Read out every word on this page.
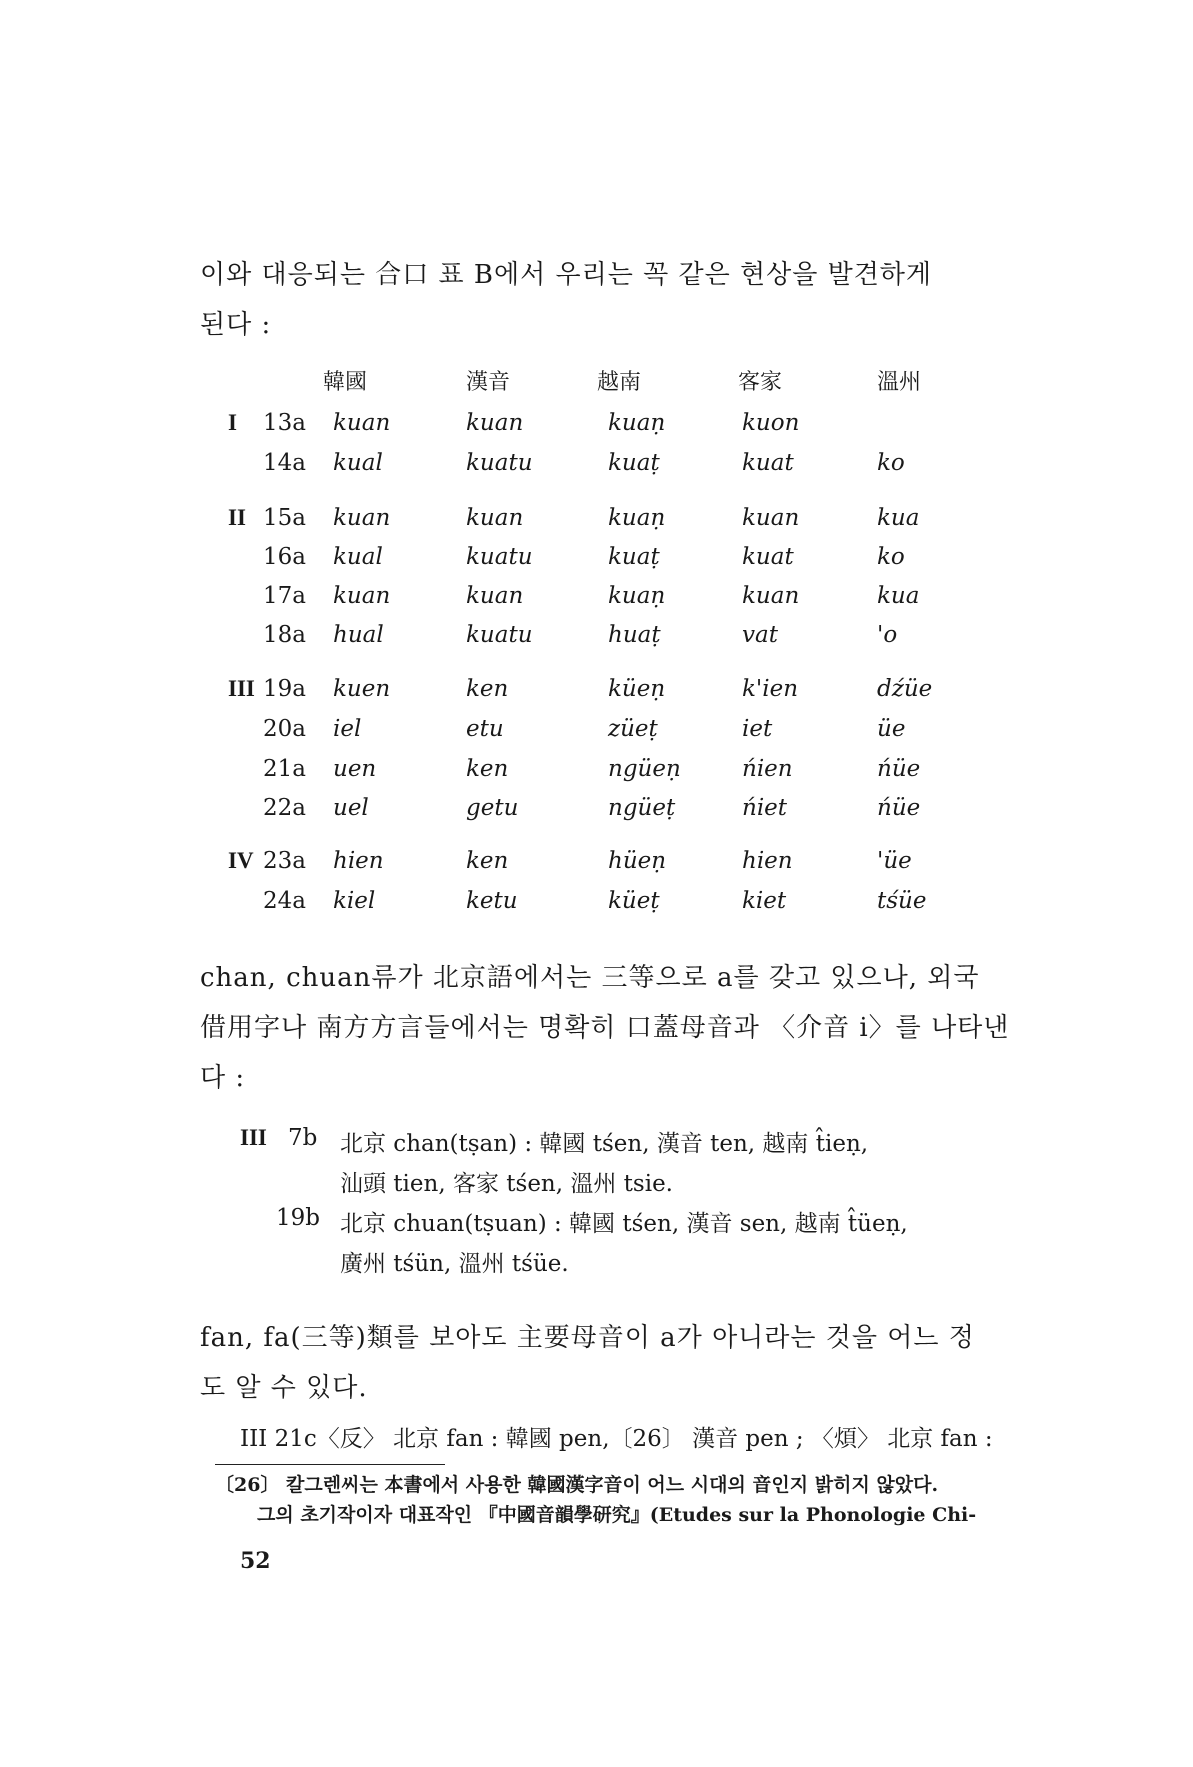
이와 대응되는 合口 표 B에서 우리는 꼭 같은 현상을 발견하게
된다 :
韓國	漢音	越南	客家	溫州
I 13a kuan	kuan	kuaṇ	kuon
14a kual	kuatu	kuaṭ	kuat	ko
II 15a kuan	kuan	kuaṇ	kuan	kua
16a kual	kuatu	kuaṭ	kuat	ko
17a kuan	kuan	kuaṇ	kuan	kua
18a hual	kuatu	huaṭ	vat	'o
III 19a kuen	ken	küeṇ	k'ien	dźüe
20a iel	etu	züeṭ	iet	üe
21a uen	ken	ngüeṇ	ńien	ńüe
22a uel	getu	ngüeṭ	ńiet	ńüe
IV 23a hien	ken	hüeṇ	hien	'üe
24a kiel	ketu	küeṭ	kiet	tśüe
chan, chuan류가 北京語에서는 三等으로 a를 갖고 있으나, 외국
借用字나 南方方言들에서는 명확히 口蓋母音과 〈介音 i〉를 나타낸
다 :
III 7b 北京 chan(tṣan) : 韓國 tśen, 漢音 ten, 越南 t̂ieṇ,
汕頭 tien, 客家 tśen, 溫州 tsie.
19b 北京 chuan(tṣuan) : 韓國 tśen, 漢音 sen, 越南 t̂üeṇ,
廣州 tśün, 溫州 tśüe.
fan, fa(三等)類를 보아도 主要母音이 a가 아니라는 것을 어느 정
도 알 수 있다.
III 21c〈反〉 北京 fan : 韓國 pen,〔26〕 漢音 pen ; 〈煩〉 北京 fan :
〔26〕 칼그렌씨는 本書에서 사용한 韓國漢字音이 어느 시대의 音인지 밝히지 않았다.
그의 초기작이자 대표작인 『中國音韻學研究』(Etudes sur la Phonologie Chi-
52
